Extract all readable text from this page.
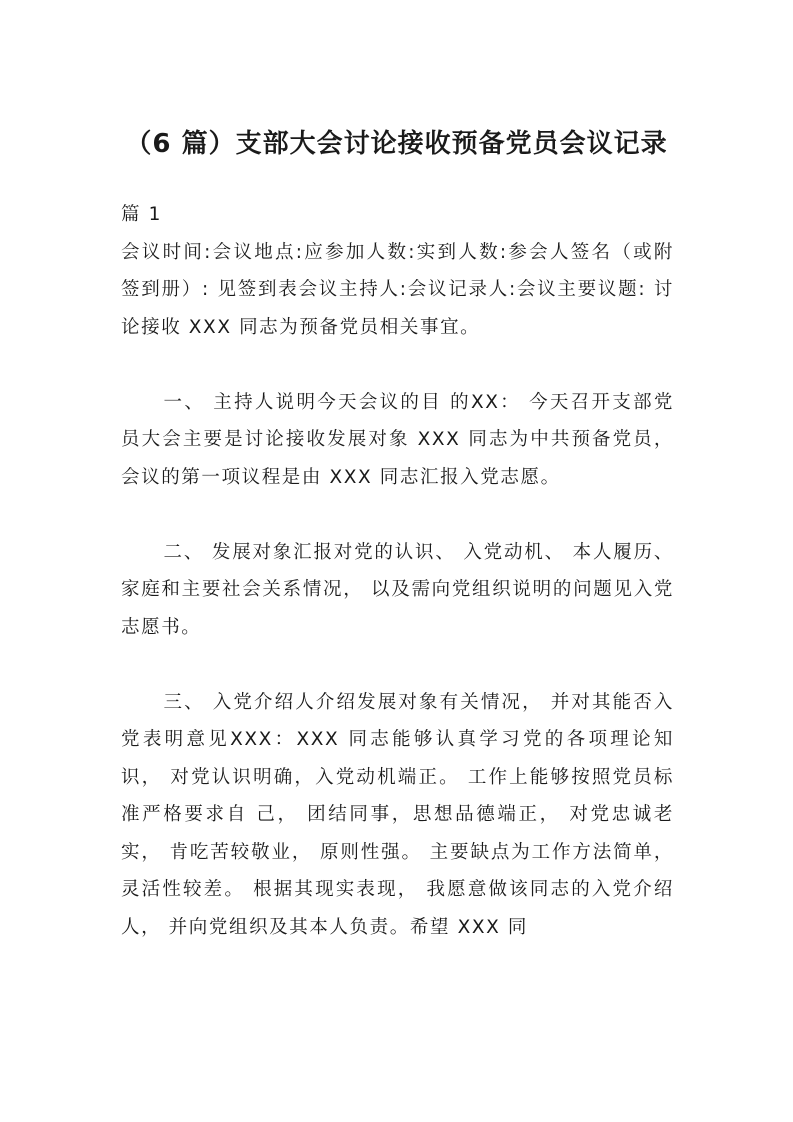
（6 篇）支部大会讨论接收预备党员会议记录

篇 1

会议时间:会议地点:应参加人数:实到人数:参会人签名（或附签到册）: 见签到表会议主持人:会议记录人:会议主要议题: 讨论接收 XXX 同志为预备党员相关事宜。

一、 主持人说明今天会议的目 的XX： 今天召开支部党员大会主要是讨论接收发展对象 XXX 同志为中共预备党员， 会议的第一项议程是由 XXX 同志汇报入党志愿。

二、 发展对象汇报对党的认识、 入党动机、 本人履历、 家庭和主要社会关系情况， 以及需向党组织说明的问题见入党志愿书。

三、 入党介绍人介绍发展对象有关情况， 并对其能否入党表明意见XXX：XXX 同志能够认真学习党的各项理论知识， 对党认识明确，入党动机端正。 工作上能够按照党员标准严格要求自 己， 团结同事，思想品德端正， 对党忠诚老实， 肯吃苦较敬业， 原则性强。 主要缺点为工作方法简单， 灵活性较差。 根据其现实表现， 我愿意做该同志的入党介绍人， 并向党组织及其本人负责。希望 XXX 同
